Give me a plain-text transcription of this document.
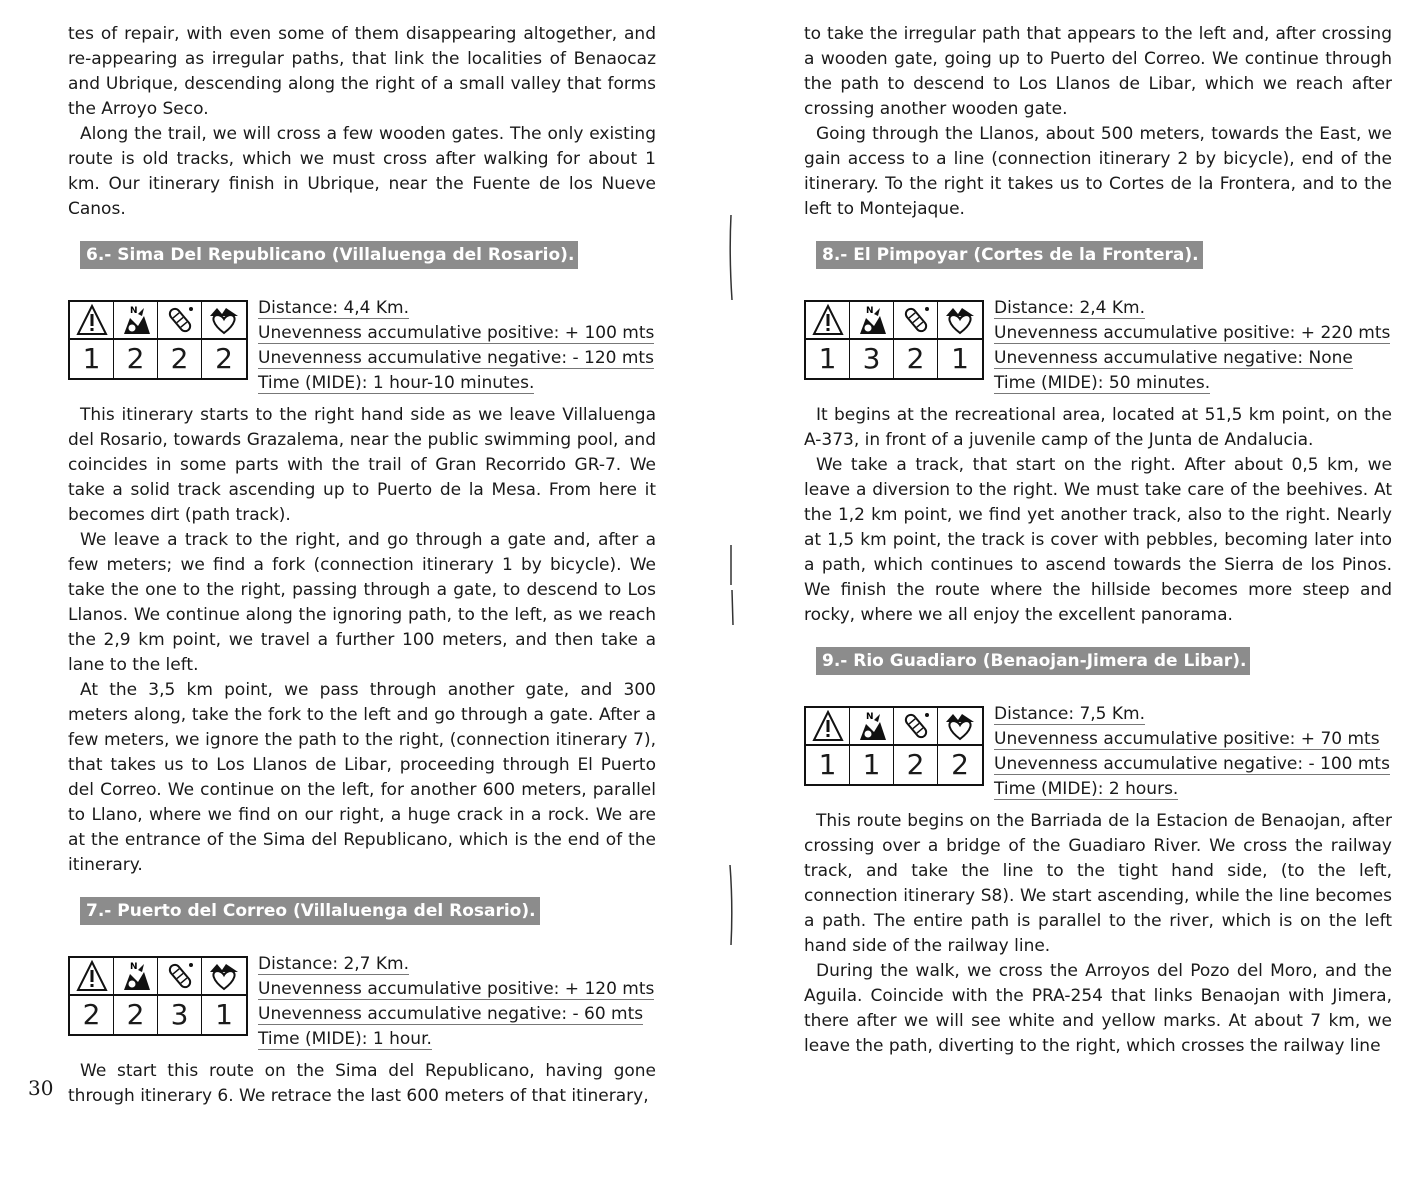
tes of repair, with even some of them disappearing altogether, and re-appearing as irregular paths, that link the localities of Benaocaz and Ubrique, descending along the right of a small valley that forms the Arroyo Seco.

Along the trail, we will cross a few wooden gates. The only existing route is old tracks, which we must cross after walking for about 1 km. Our itinerary finish in Ubrique, near the Fuente de los Nueve Canos.

6.- Sima Del Republicano (Villaluenga del Rosario).
N
1 2 2 2
Distance: 4,4 Km.
Unevenness accumulative positive: + 100 mts
Unevenness accumulative negative: - 120 mts
Time (MIDE): 1 hour-10 minutes.

This itinerary starts to the right hand side as we leave Villaluenga del Rosario, towards Grazalema, near the public swimming pool, and coincides in some parts with the trail of Gran Recorrido GR-7. We take a solid track ascending up to Puerto de la Mesa. From here it becomes dirt (path track).

We leave a track to the right, and go through a gate and, after a few meters; we find a fork (connection itinerary 1 by bicycle). We take the one to the right, passing through a gate, to descend to Los Llanos. We continue along the ignoring path, to the left, as we reach the 2,9 km point, we travel a further 100 meters, and then take a lane to the left.

At the 3,5 km point, we pass through another gate, and 300 meters along, take the fork to the left and go through a gate. After a few meters, we ignore the path to the right, (connection itinerary 7), that takes us to Los Llanos de Libar, proceeding through El Puerto del Correo. We continue on the left, for another 600 meters, parallel to Llano, where we find on our right, a huge crack in a rock. We are at the entrance of the Sima del Republicano, which is the end of the itinerary.

7.- Puerto del Correo (Villaluenga del Rosario).
N
2 2 3 1
Distance: 2,7 Km.
Unevenness accumulative positive: + 120 mts
Unevenness accumulative negative: - 60 mts
Time (MIDE): 1 hour.

We start this route on the Sima del Republicano, having gone through itinerary 6. We retrace the last 600 meters of that itinerary,

to take the irregular path that appears to the left and, after crossing a wooden gate, going up to Puerto del Correo. We continue through the path to descend to Los Llanos de Libar, which we reach after crossing another wooden gate.

Going through the Llanos, about 500 meters, towards the East, we gain access to a line (connection itinerary 2 by bicycle), end of the itinerary. To the right it takes us to Cortes de la Frontera, and to the left to Montejaque.

8.- El Pimpoyar (Cortes de la Frontera).
N
1 3 2 1
Distance: 2,4 Km.
Unevenness accumulative positive: + 220 mts
Unevenness accumulative negative: None
Time (MIDE): 50 minutes.

It begins at the recreational area, located at 51,5 km point, on the A-373, in front of a juvenile camp of the Junta de Andalucia.

We take a track, that start on the right. After about 0,5 km, we leave a diversion to the right. We must take care of the beehives. At the 1,2 km point, we find yet another track, also to the right. Nearly at 1,5 km point, the track is cover with pebbles, becoming later into a path, which continues to ascend towards the Sierra de los Pinos. We finish the route where the hillside becomes more steep and rocky, where we all enjoy the excellent panorama.

9.- Rio Guadiaro (Benaojan-Jimera de Libar).
N
1 1 2 2
Distance: 7,5 Km.
Unevenness accumulative positive: + 70 mts
Unevenness accumulative negative: - 100 mts
Time (MIDE): 2 hours.

This route begins on the Barriada de la Estacion de Benaojan, after crossing over a bridge of the Guadiaro River. We cross the railway track, and take the line to the tight hand side, (to the left, connection itinerary S8). We start ascending, while the line becomes a path. The entire path is parallel to the river, which is on the left hand side of the railway line.

During the walk, we cross the Arroyos del Pozo del Moro, and the Aguila. Coincide with the PRA-254 that links Benaojan with Jimera, there after we will see white and yellow marks. At about 7 km, we leave the path, diverting to the right, which crosses the railway line

30
